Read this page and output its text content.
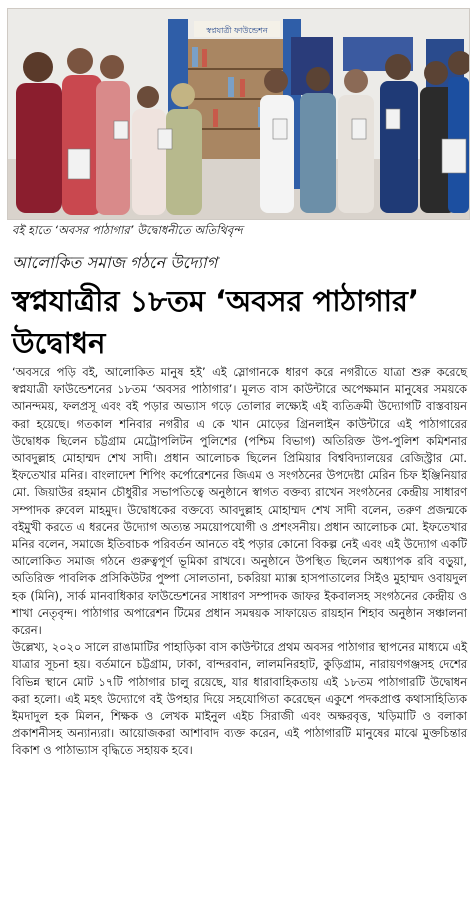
স্বপ্নযাত্রী ফাউন্ডেশন
বই হাতে ‘অবসর পাঠাগার’ উদ্বোধনীতে অতিথিবৃন্দ
আলোকিত সমাজ গঠনে উদ্যোগ
স্বপ্নযাত্রীর ১৮তম ‘অবসর পাঠাগার’ উদ্বোধন

‘অবসরে পড়ি বই, আলোকিত মানুষ হই’ এই স্লোগানকে ধারণ করে নগরীতে যাত্রা শুরু করেছে স্বপ্নযাত্রী ফাউন্ডেশনের ১৮তম ‘অবসর পাঠাগার’। মূলত বাস কাউন্টারে অপেক্ষমান মানুষের সময়কে আনন্দময়, ফলপ্রসূ এবং বই পড়ার অভ্যাস গড়ে তোলার লক্ষ্যেই এই ব্যতিক্রমী উদ্যোগটি বাস্তবায়ন করা হয়েছে। গতকাল শনিবার নগরীর এ কে খান মোড়ের গ্রিনলাইন কাউন্টারে এই পাঠাগারের উদ্বোধক ছিলেন চট্টগ্রাম মেট্রোপলিটন পুলিশের (পশ্চিম বিভাগ) অতিরিক্ত উপ-পুলিশ কমিশনার আবদুল্লাহ মোহাম্মদ শেখ সাদী। প্রধান আলোচক ছিলেন প্রিমিয়ার বিশ্ববিদ্যালয়ের রেজিস্ট্রার মো. ইফতেখার মনির। বাংলাদেশ শিপিং কর্পোরেশনের জিএম ও সংগঠনের উপদেষ্টা মেরিন চিফ ইঞ্জিনিয়ার মো. জিয়াউর রহমান চৌধুরীর সভাপতিত্বে অনুষ্ঠানে স্বাগত বক্তব্য রাখেন সংগঠনের কেন্দ্রীয় সাধারণ সম্পাদক রুবেল মাহমুদ। উদ্বোধকের বক্তব্যে আবদুল্লাহ মোহাম্মদ শেখ সাদী বলেন, তরুণ প্রজন্মকে বইমুখী করতে এ ধরনের উদ্যোগ অত্যন্ত সময়োপযোগী ও প্রশংসনীয়। প্রধান আলোচক মো. ইফতেখার মনির বলেন, সমাজে ইতিবাচক পরিবর্তন আনতে বই পড়ার কোনো বিকল্প নেই এবং এই উদ্যোগ একটি আলোকিত সমাজ গঠনে গুরুত্বপূর্ণ ভূমিকা রাখবে। অনুষ্ঠানে উপস্থিত ছিলেন অধ্যাপক রবি বড়ুয়া, অতিরিক্ত পাবলিক প্রসিকিউটর পুষ্পা সোলতানা, চকরিয়া ম্যাক্স হাসপাতালের সিইও মুহাম্মদ ওবায়দুল হক (মিনি), সার্ক মানবাধিকার ফাউন্ডেশনের সাধারণ সম্পাদক জাফর ইকবালসহ সংগঠনের কেন্দ্রীয় ও শাখা নেতৃবৃন্দ। পাঠাগার অপারেশন টিমের প্রধান সমন্বয়ক সাফায়েত রায়হান শিহাব অনুষ্ঠান সঞ্চালনা করেন।

উল্লেখ্য, ২০২০ সালে রাঙামাটির পাহাড়িকা বাস কাউন্টারে প্রথম অবসর পাঠাগার স্থাপনের মাধ্যমে এই যাত্রার সূচনা হয়। বর্তমানে চট্টগ্রাম, ঢাকা, বান্দরবান, লালমনিরহাট, কুড়িগ্রাম, নারায়ণগঞ্জসহ দেশের বিভিন্ন স্থানে মোট ১৭টি পাঠাগার চালু রয়েছে, যার ধারাবাহিকতায় এই ১৮তম পাঠাগারটি উদ্বোধন করা হলো। এই মহৎ উদ্যোগে বই উপহার দিয়ে সহযোগিতা করেছেন একুশে পদকপ্রাপ্ত কথাসাহিত্যিক ইমদাদুল হক মিলন, শিক্ষক ও লেখক মাইনুল এইচ সিরাজী এবং অক্ষরবৃত্ত, খড়িমাটি ও বলাকা প্রকাশনীসহ অন্যান্যরা। আয়োজকরা আশাবাদ ব্যক্ত করেন, এই পাঠাগারটি মানুষের মাঝে মুক্তচিন্তার বিকাশ ও পাঠাভ্যাস বৃদ্ধিতে সহায়ক হবে।
